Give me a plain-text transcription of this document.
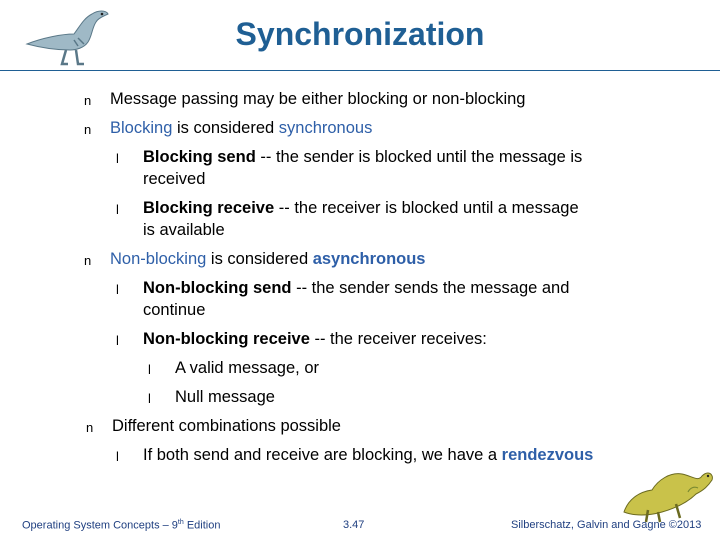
Synchronization
n Message passing may be either blocking or non-blocking
n Blocking is considered synchronous
l Blocking send -- the sender is blocked until the message is
received
l Blocking receive -- the receiver is blocked until a message
is available
n Non-blocking is considered asynchronous
l Non-blocking send -- the sender sends the message and
continue
l Non-blocking receive -- the receiver receives:
l A valid message, or
l Null message
n Different combinations possible
l If both send and receive are blocking, we have a rendezvous
Operating System Concepts – 9th Edition	3.47	Silberschatz, Galvin and Gagne ©2013
